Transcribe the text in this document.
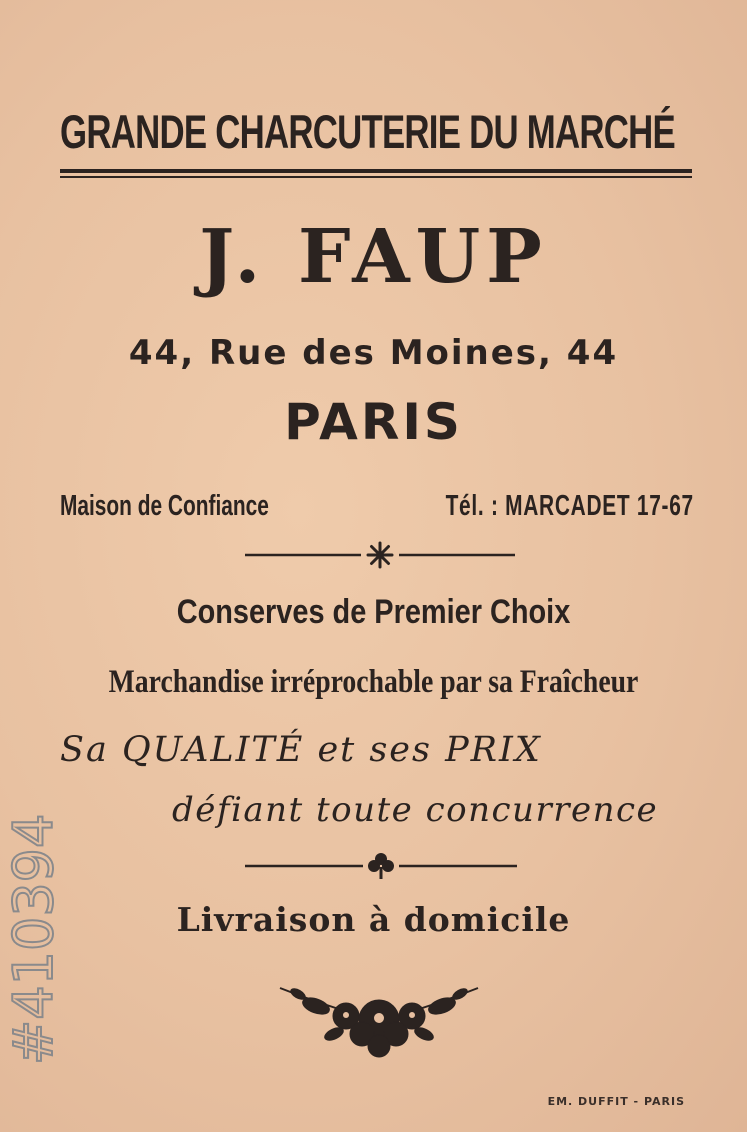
GRANDE CHARCUTERIE DU MARCHÉ
J. FAUP
44, Rue des Moines, 44
PARIS
Maison de Confiance	Tél. : MARCADET 17-67
Conserves de Premier Choix
Marchandise irréprochable par sa Fraîcheur
Sa QUALITÉ et ses PRIX
défiant toute concurrence
Livraison à domicile
#410394
EM. DUFFIT - PARIS
